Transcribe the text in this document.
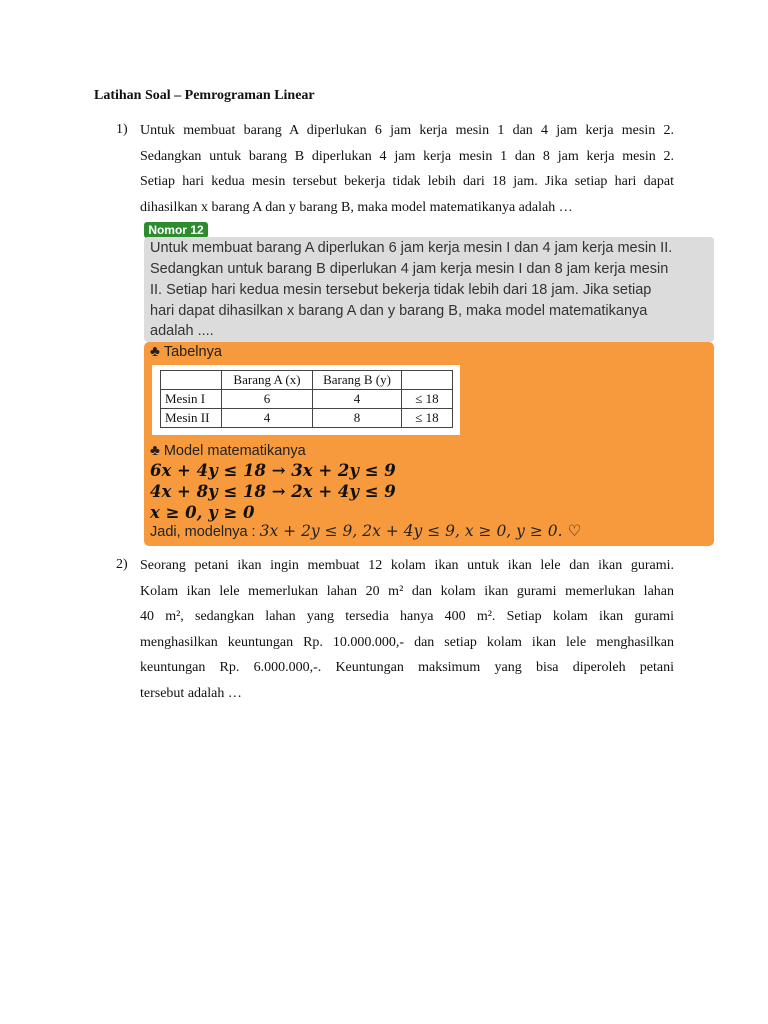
Latihan Soal – Pemrograman Linear
1) Untuk membuat barang A diperlukan 6 jam kerja mesin 1 dan 4 jam kerja mesin 2.
Sedangkan untuk barang B diperlukan 4 jam kerja mesin 1 dan 8 jam kerja mesin 2.
Setiap hari kedua mesin tersebut bekerja tidak lebih dari 18 jam. Jika setiap hari dapat
dihasilkan x barang A dan y barang B, maka model matematikanya adalah …
Nomor 12
Untuk membuat barang A diperlukan 6 jam kerja mesin I dan 4 jam kerja mesin II.
Sedangkan untuk barang B diperlukan 4 jam kerja mesin I dan 8 jam kerja mesin
II. Setiap hari kedua mesin tersebut bekerja tidak lebih dari 18 jam. Jika setiap
hari dapat dihasilkan x barang A dan y barang B, maka model matematikanya
adalah ....
♣ Tabelnya
	Barang A (x)	Barang B (y)	
Mesin I	6	4	≤ 18
Mesin II	4	8	≤ 18
♣ Model matematikanya
6x + 4y ≤ 18 → 3x + 2y ≤ 9
4x + 8y ≤ 18 → 2x + 4y ≤ 9
x ≥ 0, y ≥ 0
Jadi, modelnya : 3x + 2y ≤ 9, 2x + 4y ≤ 9, x ≥ 0, y ≥ 0. ♡
2) Seorang petani ikan ingin membuat 12 kolam ikan untuk ikan lele dan ikan gurami.
Kolam ikan lele memerlukan lahan 20 m² dan kolam ikan gurami memerlukan lahan
40 m², sedangkan lahan yang tersedia hanya 400 m². Setiap kolam ikan gurami
menghasilkan keuntungan Rp. 10.000.000,- dan setiap kolam ikan lele menghasilkan
keuntungan Rp. 6.000.000,-. Keuntungan maksimum yang bisa diperoleh petani
tersebut adalah …
